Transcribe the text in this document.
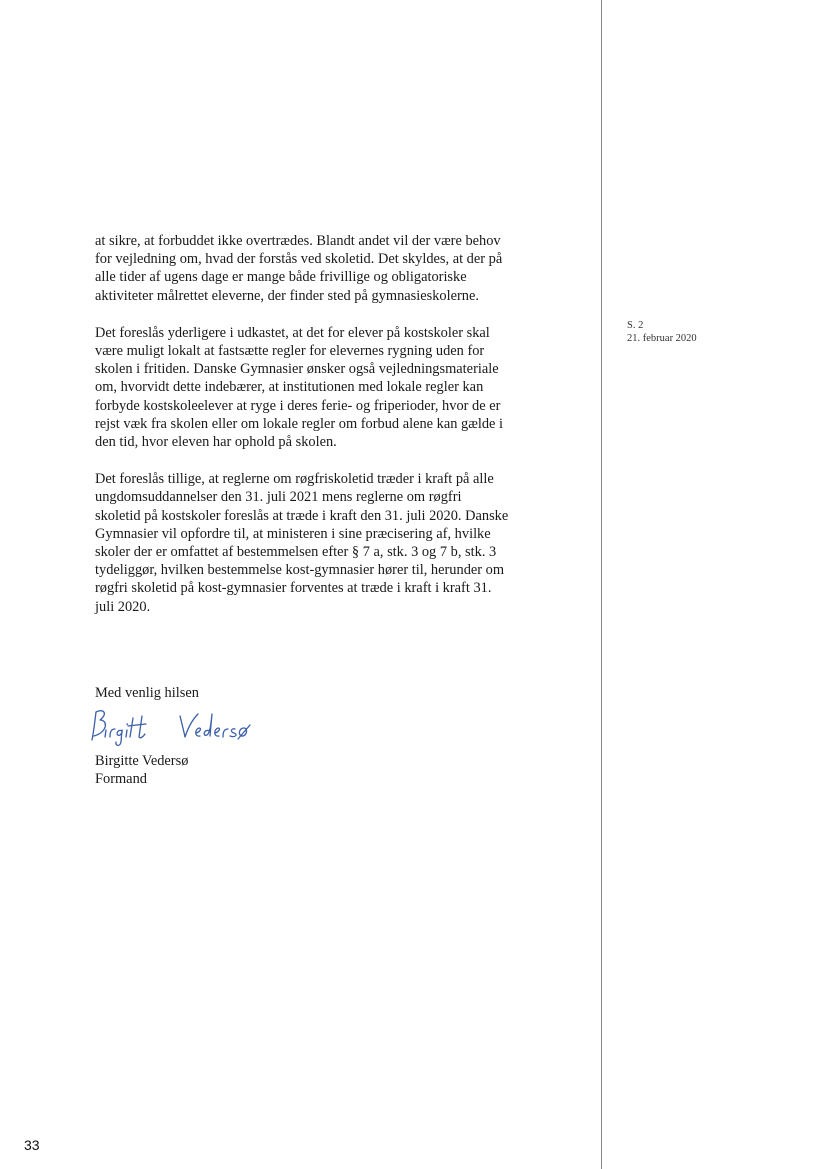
at sikre, at forbuddet ikke overtrædes. Blandt andet vil der være behov
for vejledning om, hvad der forstås ved skoletid. Det skyldes, at der på
alle tider af ugens dage er mange både frivillige og obligatoriske
aktiviteter målrettet eleverne, der finder sted på gymnasieskolerne.

Det foreslås yderligere i udkastet, at det for elever på kostskoler skal
være muligt lokalt at fastsætte regler for elevernes rygning uden for
skolen i fritiden. Danske Gymnasier ønsker også vejledningsmateriale
om, hvorvidt dette indebærer, at institutionen med lokale regler kan
forbyde kostskoleelever at ryge i deres ferie- og friperioder, hvor de er
rejst væk fra skolen eller om lokale regler om forbud alene kan gælde i
den tid, hvor eleven har ophold på skolen.

Det foreslås tillige, at reglerne om røgfriskoletid træder i kraft på alle
ungdomsuddannelser den 31. juli 2021 mens reglerne om røgfri
skoletid på kostskoler foreslås at træde i kraft den 31. juli 2020. Danske
Gymnasier vil opfordre til, at ministeren i sine præcisering af, hvilke
skoler der er omfattet af bestemmelsen efter § 7 a, stk. 3 og 7 b, stk. 3
tydeliggør, hvilken bestemmelse kost-gymnasier hører til, herunder om
røgfri skoletid på kost-gymnasier forventes at træde i kraft i kraft 31.
juli 2020.

S. 2
21. februar 2020
Med venlig hilsen
Birgitte Vedersø
Formand
33
